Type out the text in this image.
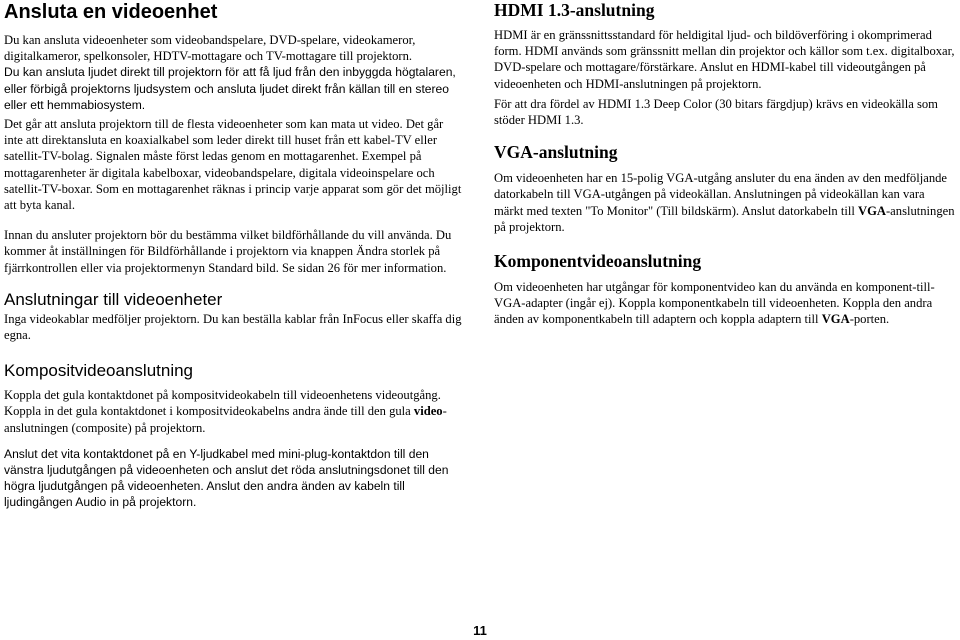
Ansluta en videoenhet

Du kan ansluta videoenheter som videobandspelare, DVD-spelare, videokameror, digitalkameror, spelkonsoler, HDTV-mottagare och TV-mottagare till projektorn.

Du kan ansluta ljudet direkt till projektorn för att få ljud från den inbyggda högtalaren, eller förbigå projektorns ljudsystem och ansluta ljudet direkt från källan till en stereo eller ett hemmabiosystem.

Det går att ansluta projektorn till de flesta videoenheter som kan mata ut video. Det går inte att direktansluta en koaxialkabel som leder direkt till huset från ett kabel-TV eller satellit-TV-bolag. Signalen måste först ledas genom en mottagarenhet. Exempel på mottagarenheter är digitala kabelboxar, videobandspelare, digitala videoinspelare och satellit-TV-boxar. Som en mottagarenhet räknas i princip varje apparat som gör det möjligt att byta kanal.

Innan du ansluter projektorn bör du bestämma vilket bildförhållande du vill använda. Du kommer åt inställningen för Bildförhållande i projektorn via knappen Ändra storlek på fjärrkontrollen eller via projektormenyn Standard bild. Se sidan 26 för mer information.

Anslutningar till videoenheter

Inga videokablar medföljer projektorn. Du kan beställa kablar från InFocus eller skaffa dig egna.

Kompositvideoanslutning

Koppla det gula kontaktdonet på kompositvideokabeln till videoenhetens videoutgång. Koppla in det gula kontaktdonet i kompositvideokabelns andra ände till den gula video-anslutningen (composite) på projektorn.

Anslut det vita kontaktdonet på en Y-ljudkabel med mini-plug-kontaktdon till den vänstra ljudutgången på videoenheten och anslut det röda anslutningsdonet till den högra ljudutgången på videoenheten. Anslut den andra änden av kabeln till ljudingången Audio in på projektorn.

HDMI 1.3-anslutning

HDMI är en gränssnittsstandard för heldigital ljud- och bildöverföring i okomprimerad form. HDMI används som gränssnitt mellan din projektor och källor som t.ex. digitalboxar, DVD-spelare och mottagare/förstärkare. Anslut en HDMI-kabel till videoutgången på videoenheten och HDMI-anslutningen på projektorn.

För att dra fördel av HDMI 1.3 Deep Color (30 bitars färgdjup) krävs en videokälla som stöder HDMI 1.3.

VGA-anslutning

Om videoenheten har en 15-polig VGA-utgång ansluter du ena änden av den medföljande datorkabeln till VGA-utgången på videokällan. Anslutningen på videokällan kan vara märkt med texten "To Monitor" (Till bildskärm). Anslut datorkabeln till VGA-anslutningen på projektorn.

Komponentvideoanslutning

Om videoenheten har utgångar för komponentvideo kan du använda en komponent-till-VGA-adapter (ingår ej). Koppla komponentkabeln till videoenheten. Koppla den andra änden av komponentkabeln till adaptern och koppla adaptern till VGA-porten.

11
